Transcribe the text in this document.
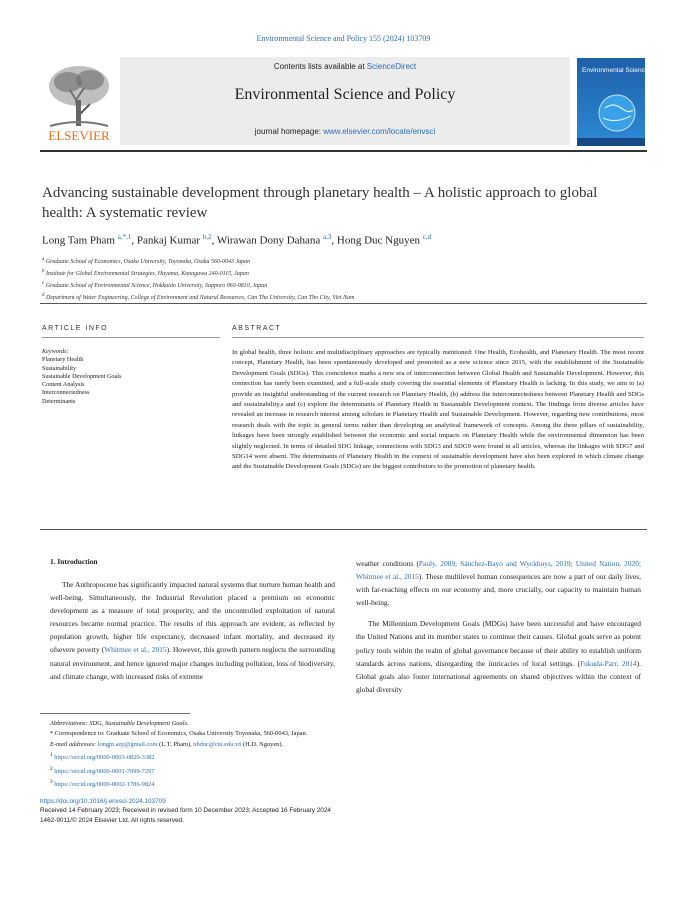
Environmental Science and Policy 155 (2024) 103709
ELSEVIER
Contents lists available at ScienceDirect
Environmental Science and Policy
journal homepage: www.elsevier.com/locate/envsci
Environmental Science & Policy
Advancing sustainable development through planetary health – A holistic approach to global health: A systematic review
Long Tam Pham $^{a,*,1}$, Pankaj Kumar $^{b,2}$, Wirawan Dony Dahana $^{a,3}$, Hong Duc Nguyen $^{c,d}$
$^a$ Graduate School of Economics, Osaka University, Toyonaka, Osaka 560-0043 Japan
$^b$ Institute for Global Environmental Strategies, Hayama, Kanagawa 240-0115, Japan
$^c$ Graduate School of Environmental Science, Hokkaido University, Sapporo 060-0810, Japan
$^d$ Department of Water Engineering, College of Environment and Natural Resources, Can Tho University, Can Tho City, Viet Nam
ARTICLE INFO
Keywords:
Planetary Health
Sustainability
Sustainable Development Goals
Content Analysis
Interconnectedness
Determinants
ABSTRACT
In global health, three holistic and multidisciplinary approaches are typically mentioned: One Health, Ecohealth, and Planetary Health. The most recent concept, Planetary Health, has been spontaneously developed and promoted as a new science since 2015, with the establishment of the Sustainable Development Goals (SDGs). This coincidence marks a new era of interconnection between Global Health and Sustainable Development. However, this connection has rarely been examined, and a full-scale study covering the essential elements of Planetary Health is lacking. In this study, we aim to (a) provide an insightful understanding of the current research on Planetary Health, (b) address the interconnectedness between Planetary Health and SDGs and sustainability,s and (c) explore the determinants of Planetary Health in Sustainable Development context. The findings from diverse articles have revealed an increase in research interest among scholars in Planetary Health and Sustainable Development. However, regarding new contributions, most research deals with the topic in general terms rather than developing an analytical framework of concepts. Among the three pillars of sustainability, linkages have been strongly established between the economic and social impacts on Planetary Health while the environmental dimension has been slightly neglected. In terms of detailed SDG linkage, connections with SDG3 and SDG9 were found in all articles, whereas the linkages with SDG7 and SDG14 were absent. The determinants of Planetary Health in the context of sustainable development have also been explored in which climate change and the Sustainable Development Goals (SDGs) are the biggest contributors to the promotion of planetary health.
1. Introduction

The Anthropocene has significantly impacted natural systems that nurture human health and well-being. Simultaneously, the Industrial Revolution placed a premium on economic development as a measure of total prosperity, and the uncontrolled exploitation of natural resources became normal practice. The results of this approach are evident, as reflected by population growth, higher life expectancy, decreased infant mortality, and decreased ity ofsevere poverty (Whitmee et al., 2015). However, this growth pattern neglects the surrounding natural environment, and hence ignored major changes including pollution, loss of biodiversity, and climate change, with increased risks of extreme

weather conditions (Pauly, 2009; Sánchez-Bayo and Wyckhuys, 2019; United Nation, 2020; Whitmee et al., 2015). These multilevel human consequences are now a part of our daily lives, with far-reaching effects on our economy and, more crucially, our capacity to maintain human well-being.

The Millennium Development Goals (MDGs) have been successful and have encouraged the United Nations and its member states to continue their causes. Global goals serve as potent policy tools within the realm of global governance because of their ability to establish uniform standards across nations, disregarding the intricacies of local settings. (Fukuda-Parr, 2014). Global goals also foster international agreements on shared objectives within the context of global diversity

Abbreviations: SDG, Sustainable Development Goals.
* Correspondence to: Graduate School of Economics, Osaka University Toyonaka, 560-0043, Japan.
E-mail addresses: longpt.aep@gmail.com (L.T. Pham), nhduc@ctu.edu.vn (H.D. Nguyen).
$^1$ https://orcid.org/0000-0003-0820-3382
$^2$ https://orcid.org/0000-0001-7099-7297
$^3$ https://orcid.org/0000-0002-1786-9824
https://doi.org/10.1016/j.envsci.2024.103709
Received 14 February 2023; Received in revised form 10 December 2023; Accepted 16 February 2024
1462-9011/© 2024 Elsevier Ltd. All rights reserved.
